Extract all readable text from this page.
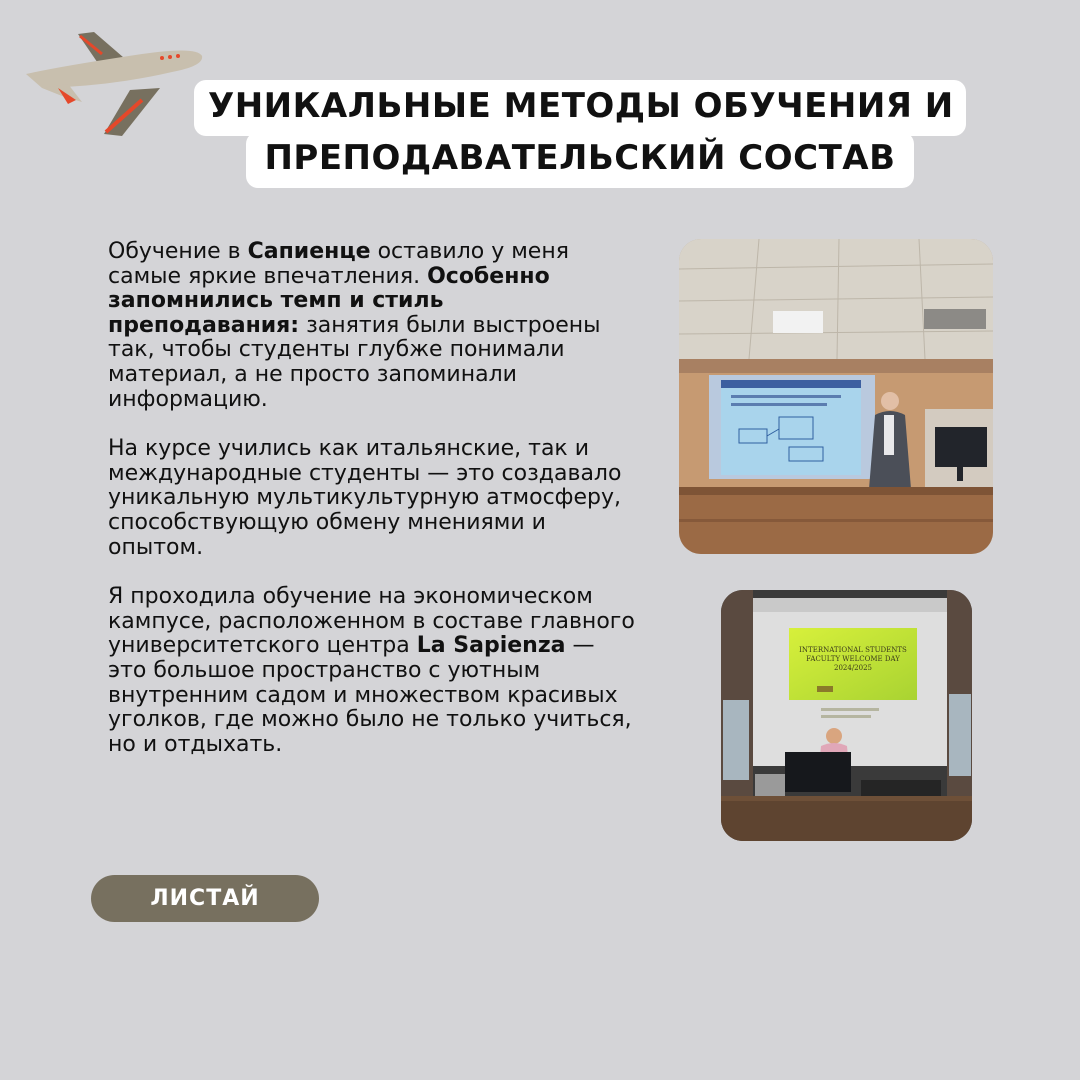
УНИКАЛЬНЫЕ МЕТОДЫ ОБУЧЕНИЯ И
ПРЕПОДАВАТЕЛЬСКИЙ СОСТАВ

Обучение в Сапиенце оставило у меня самые яркие впечатления. Особенно запомнились темп и стиль преподавания: занятия были выстроены так, чтобы студенты глубже понимали материал, а не просто запоминали информацию.

На курсе учились как итальянские, так и международные студенты — это создавало уникальную мультикультурную атмосферу, способствующую обмену мнениями и опытом.

Я проходила обучение на экономическом кампусе, расположенном в составе главного университетского центра La Sapienza — это большое пространство с уютным внутренним садом и множеством красивых уголков, где можно было не только учиться, но и отдыхать.

INTERNATIONAL STUDENTS
FACULTY WELCOME DAY
2024/2025
ЛИСТАЙ
